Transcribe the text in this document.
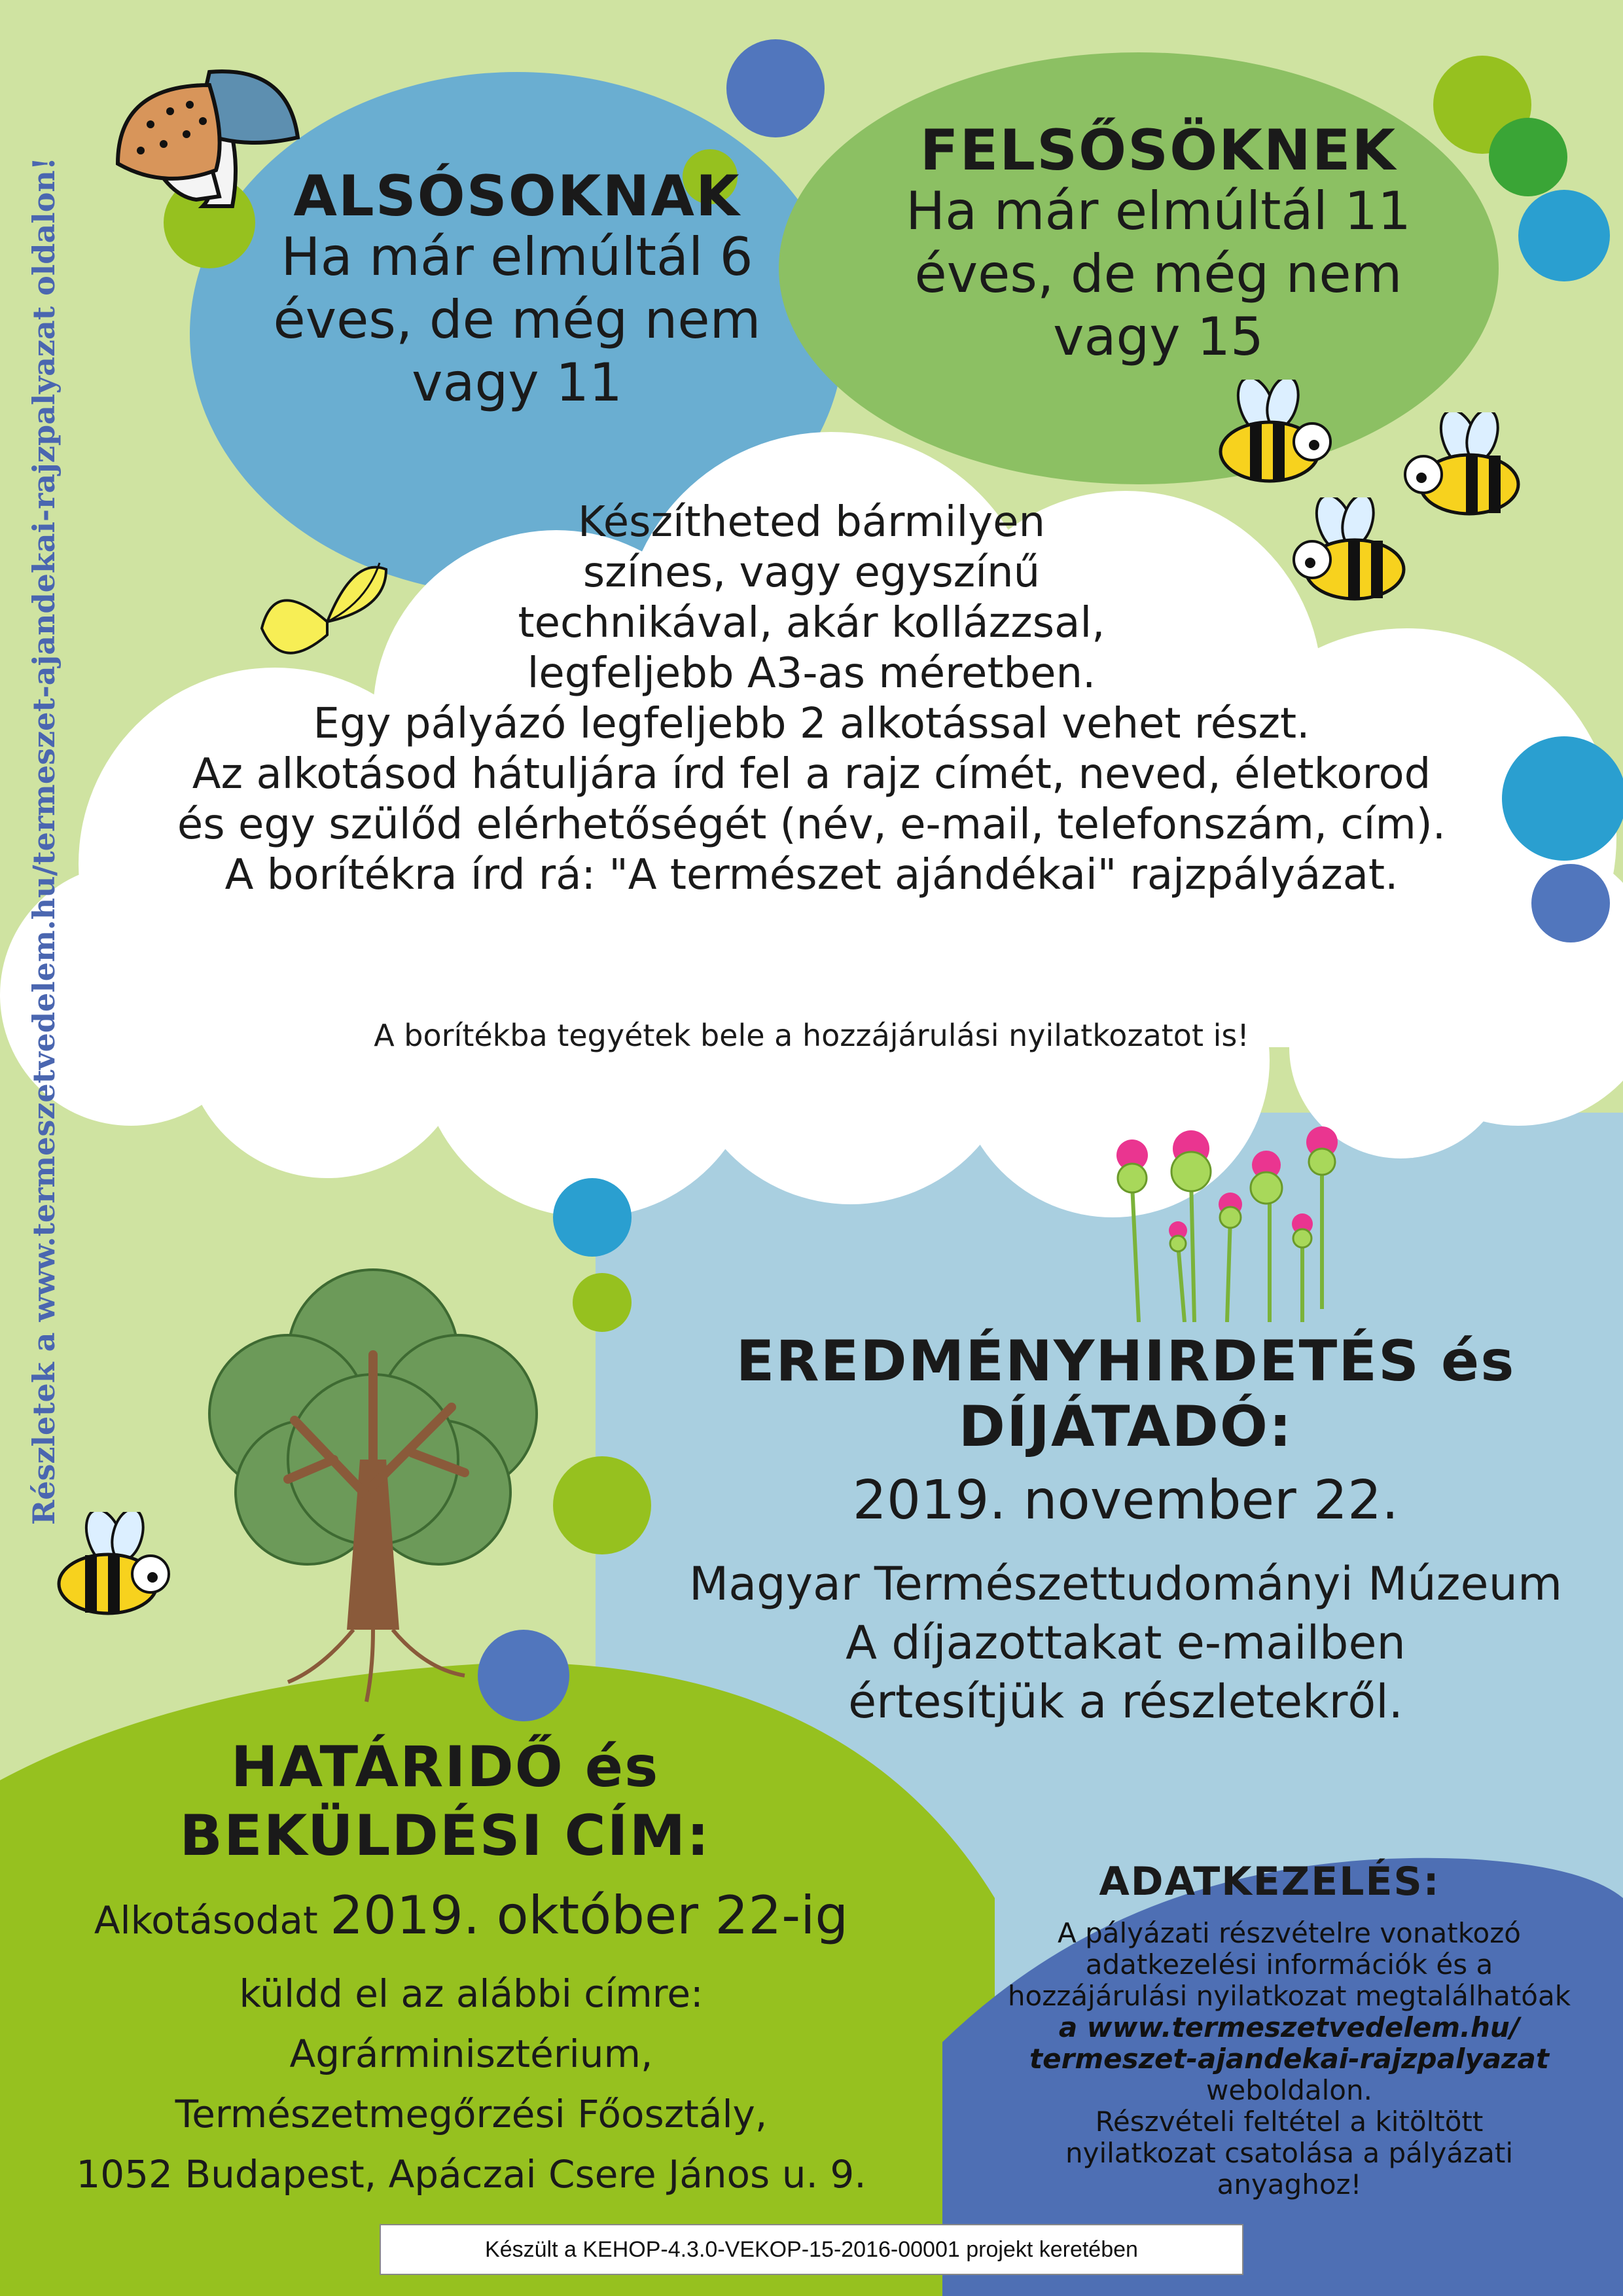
Részletek a www.termeszetvedelem.hu/termeszet-ajandekai-rajzpalyazat oldalon!	ALSÓSOKNAK
Ha már elmúltál 6
éves, de még nem
vagy 11
FELSŐSÖKNEK
Ha már elmúltál 11
éves, de még nem
vagy 15
Készítheted bármilyen
színes, vagy egyszínű
technikával, akár kollázzsal,
legfeljebb A3-as méretben.
Egy pályázó legfeljebb 2 alkotással vehet részt.
Az alkotásod hátuljára írd fel a rajz címét, neved, életkorod
és egy szülőd elérhetőségét (név, e-mail, telefonszám, cím).
A borítékra írd rá: "A természet ajándékai" rajzpályázat.
A borítékba tegyétek bele a hozzájárulási nyilatkozatot is!
EREDMÉNYHIRDETÉS és
DÍJÁTADÓ:
2019. november 22.
Magyar Természettudományi Múzeum
A díjazottakat e-mailben
értesítjük a részletekről.
HATÁRIDŐ és
BEKÜLDÉSI CÍM:
Alkotásodat 2019. október 22-ig
küldd el az alábbi címre:
Agrárminisztérium,
Természetmegőrzési Főosztály,
1052 Budapest, Apáczai Csere János u. 9.
ADATKEZELÉS:
A pályázati részvételre vonatkozó
adatkezelési információk és a
hozzájárulási nyilatkozat megtalálhatóak
a www.termeszetvedelem.hu/
termeszet-ajandekai-rajzpalyazat
weboldalon.
Részvételi feltétel a kitöltött
nyilatkozat csatolása a pályázati
anyaghoz!
Készült a KEHOP-4.3.0-VEKOP-15-2016-00001 projekt keretében
